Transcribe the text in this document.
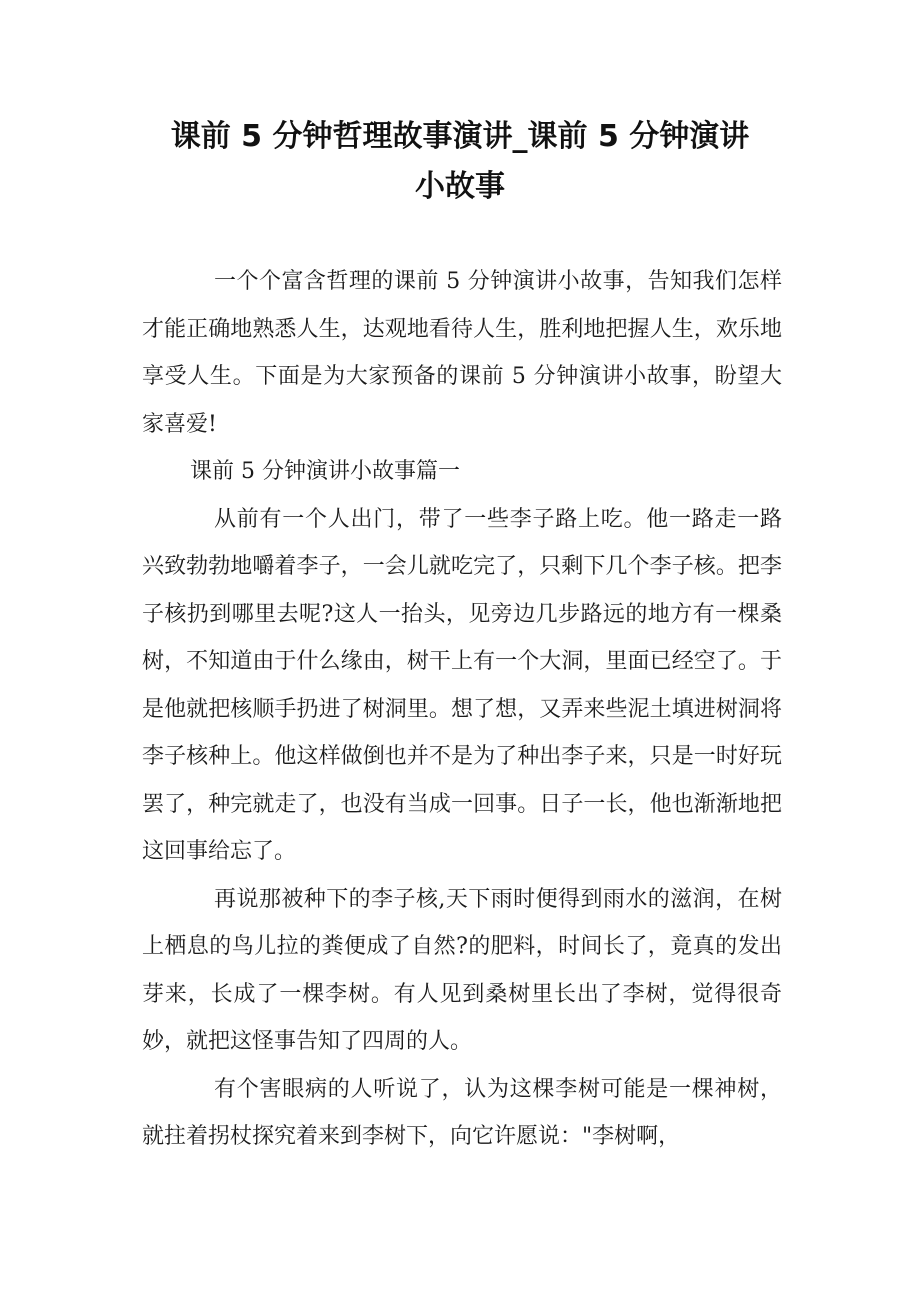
课前 5 分钟哲理故事演讲_课前 5 分钟演讲
小故事

一个个富含哲理的课前 5 分钟演讲小故事，告知我们怎样才能正确地熟悉人生，达观地看待人生，胜利地把握人生，欢乐地享受人生。下面是为大家预备的课前 5 分钟演讲小故事，盼望大家喜爱!

课前 5 分钟演讲小故事篇一

从前有一个人出门，带了一些李子路上吃。他一路走一路兴致勃勃地嚼着李子，一会儿就吃完了，只剩下几个李子核。把李子核扔到哪里去呢?这人一抬头，见旁边几步路远的地方有一棵桑树，不知道由于什么缘由，树干上有一个大洞，里面已经空了。于是他就把核顺手扔进了树洞里。想了想，又弄来些泥土填进树洞将李子核种上。他这样做倒也并不是为了种出李子来，只是一时好玩罢了，种完就走了，也没有当成一回事。日子一长，他也渐渐地把这回事给忘了。

再说那被种下的李子核,天下雨时便得到雨水的滋润，在树上栖息的鸟儿拉的粪便成了自然?的肥料，时间长了，竟真的发出芽来，长成了一棵李树。有人见到桑树里长出了李树，觉得很奇妙，就把这怪事告知了四周的人。

有个害眼病的人听说了，认为这棵李树可能是一棵神树，就拄着拐杖探究着来到李树下，向它许愿说："李树啊，
